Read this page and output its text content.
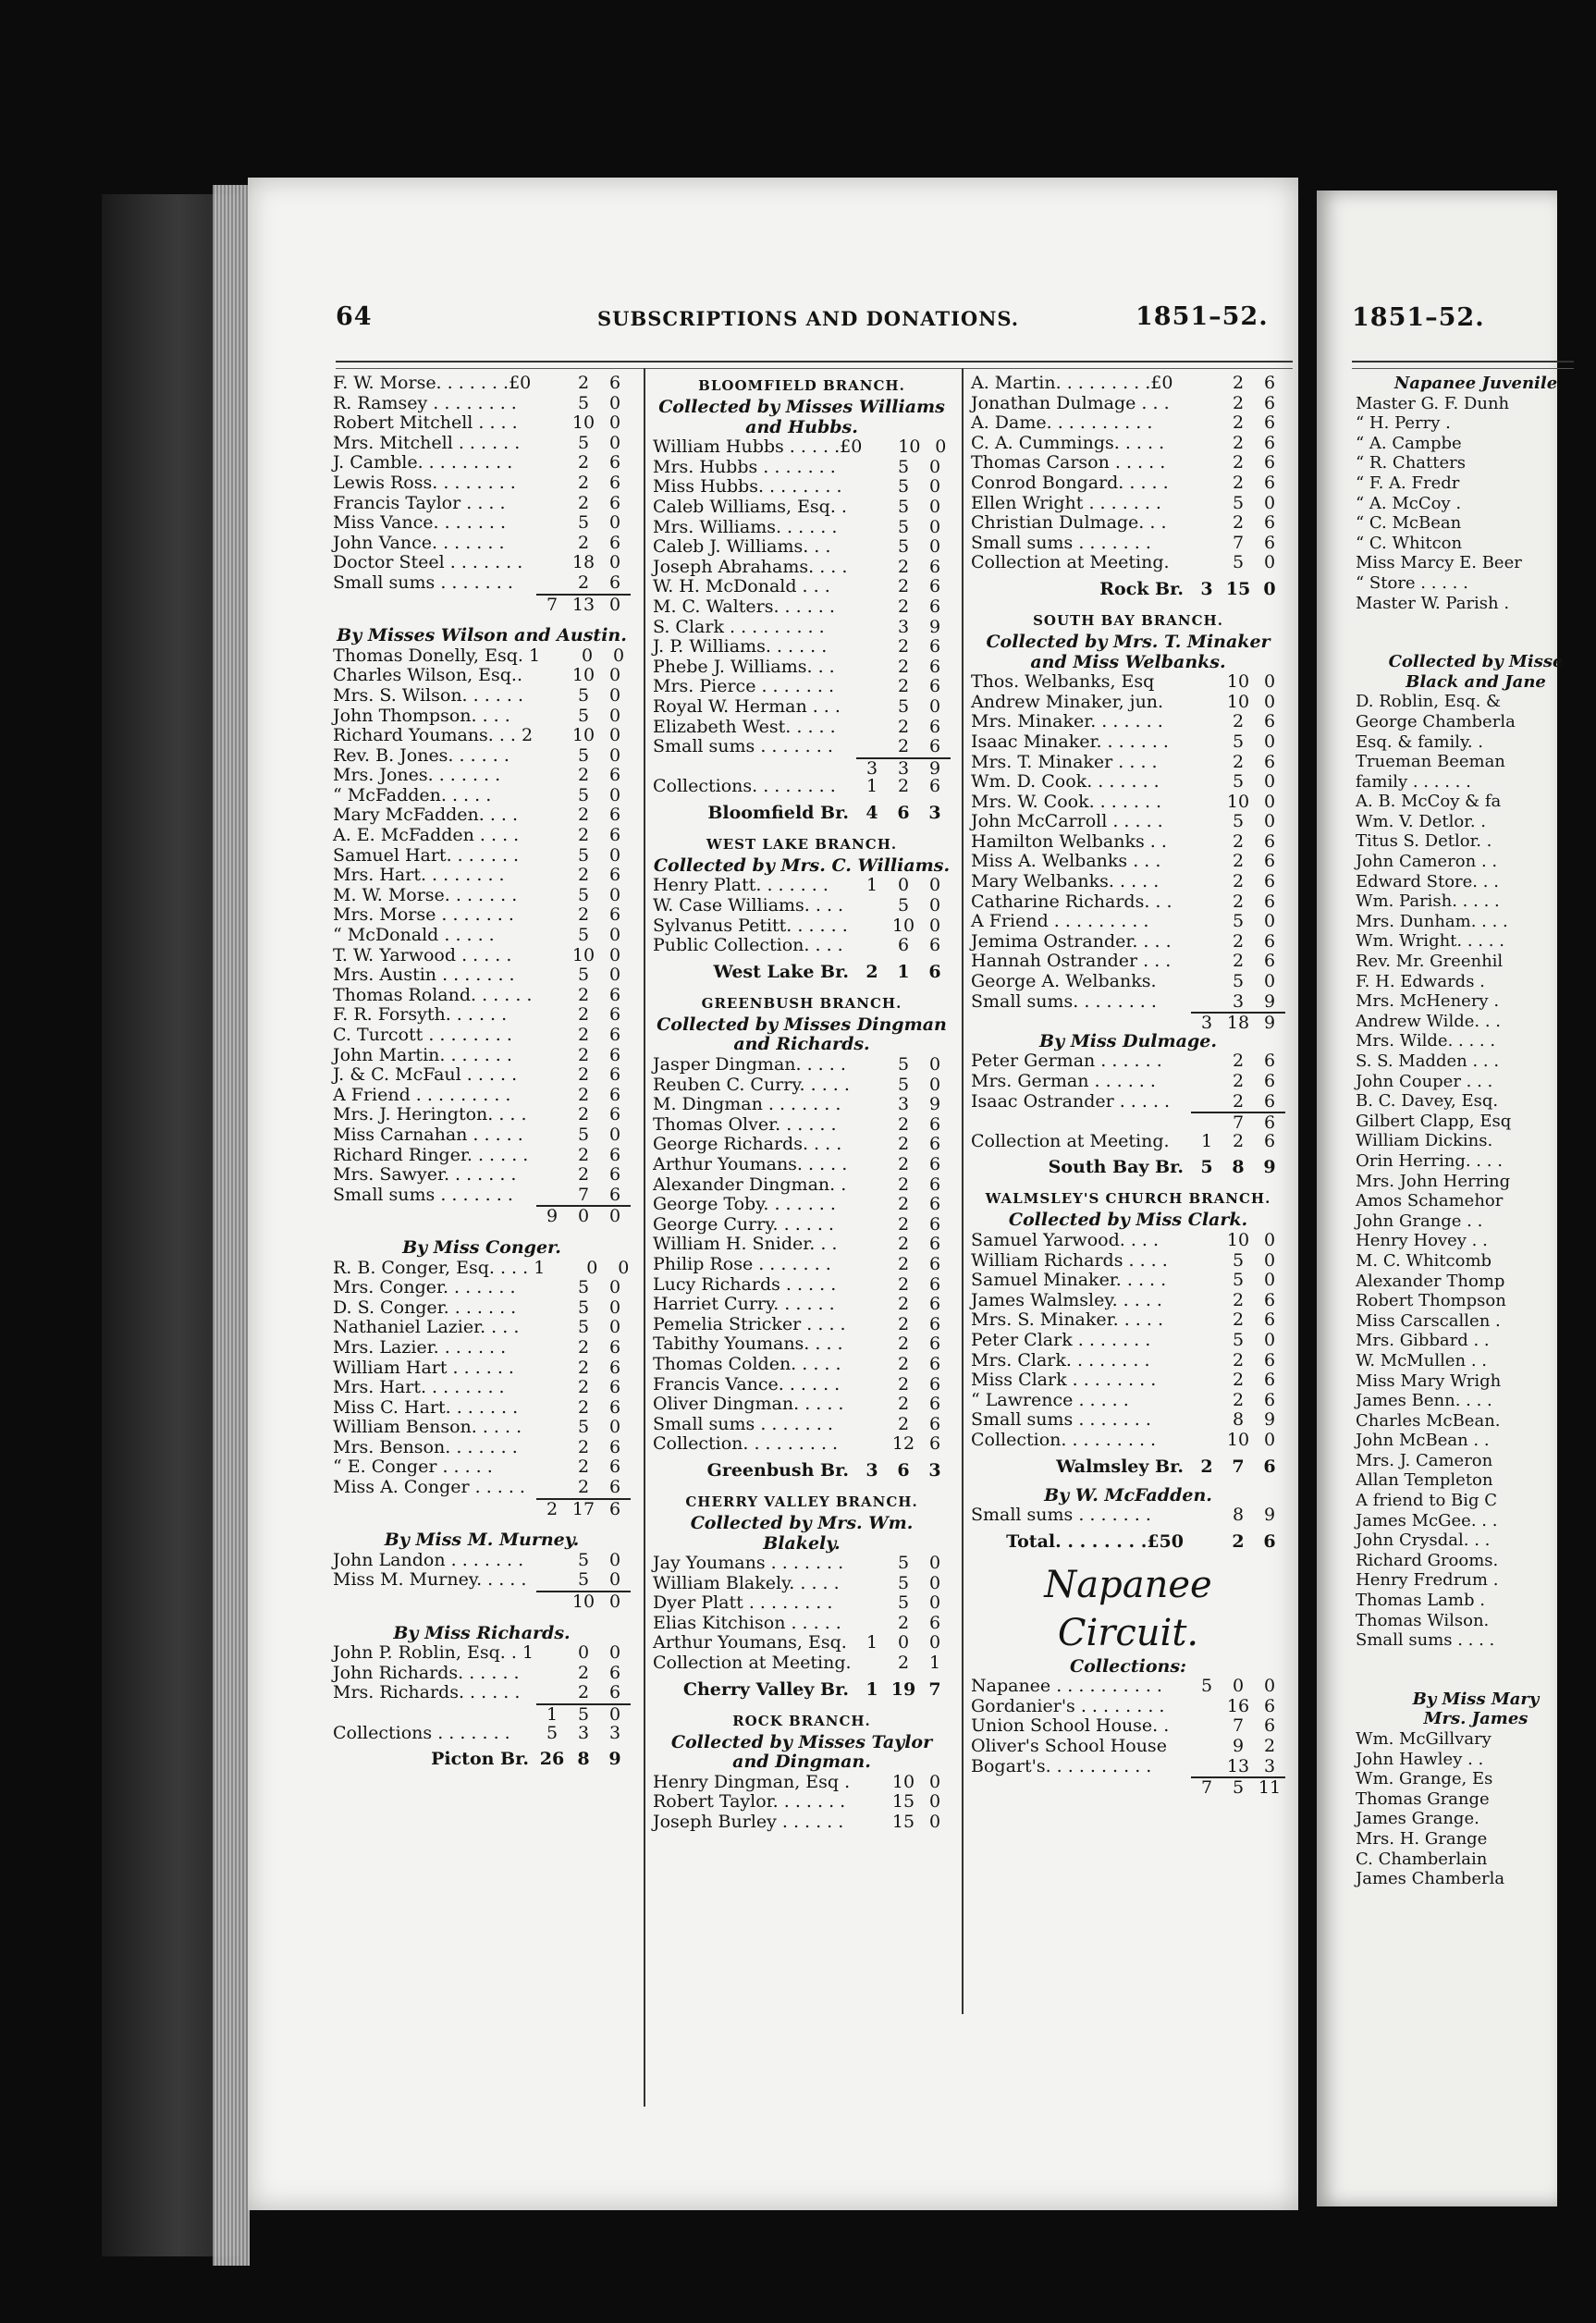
64	SUBSCRIPTIONS AND DONATIONS.	1851–52.
F. W. Morse. . . . . . .£0	2	6
R. Ramsey . . . . . . . .	5	0
Robert Mitchell . . . .	10 0
Mrs. Mitchell . . . . . .	5	0
J. Camble. . . . . . . . .	2	6
Lewis Ross. . . . . . . .	2	6
Francis Taylor . . . .	2	6
Miss Vance. . . . . . .	5	0
John Vance. . . . . . .	2	6
Doctor Steel . . . . . . .	18 0
Small sums . . . . . . .	2	6
7 13 0
By Misses Wilson and Austin.
Thomas Donelly, Esq. 1	0	0
Charles Wilson, Esq..	10 0
Mrs. S. Wilson. . . . . .	5	0
John Thompson. . . .	5	0
Richard Youmans. . . 2 10 0
Rev. B. Jones. . . . . .	5	0
Mrs. Jones. . . . . . .	2	6
“ McFadden. . . . .	5	0
Mary McFadden. . . .	2	6
A. E. McFadden . . . .	2	6
Samuel Hart. . . . . . .	5	0
Mrs. Hart. . . . . . . .	2	6
M. W. Morse. . . . . . .	5	0
Mrs. Morse . . . . . . .	2	6
“ McDonald . . . . .	5	0
T. W. Yarwood . . . . .	10 0
Mrs. Austin . . . . . . .	5	0
Thomas Roland. . . . . .	2	6
F. R. Forsyth. . . . . .	2	6
C. Turcott . . . . . . . .	2	6
John Martin. . . . . . .	2	6
J. & C. McFaul . . . . .	2	6
A Friend . . . . . . . . .	2	6
Mrs. J. Herington. . . .	2	6
Miss Carnahan . . . . .	5	0
Richard Ringer. . . . . .	2	6
Mrs. Sawyer. . . . . . .	2	6
Small sums . . . . . . .	7	6
9	0	0
By Miss Conger.
R. B. Conger, Esq. . . . 1	0	0
Mrs. Conger. . . . . . .	5	0
D. S. Conger. . . . . . .	5	0
Nathaniel Lazier. . . .	5	0
Mrs. Lazier. . . . . . .	2	6
William Hart . . . . . .	2	6
Mrs. Hart. . . . . . . .	2	6
Miss C. Hart. . . . . . .	2	6
William Benson. . . . .	5	0
Mrs. Benson. . . . . . .	2	6
“ E. Conger . . . . .	2	6
Miss A. Conger . . . . .	2	6
2 17 6
By Miss M. Murney.
John Landon . . . . . . .	5	0
Miss M. Murney. . . . .	5	0
10 0
By Miss Richards.
John P. Roblin, Esq. . 1	0	0
John Richards. . . . . .	2	6
Mrs. Richards. . . . . .	2	6
1	5	0
Collections . . . . . . .	5	3	3
Picton Br. 26 8	9
BLOOMFIELD BRANCH.
Collected by Misses Williams and Hubbs.
William Hubbs . . . . .£0 10 0
Mrs. Hubbs . . . . . . .	5	0
Miss Hubbs. . . . . . . .	5	0
Caleb Williams, Esq. .	5	0
Mrs. Williams. . . . . .	5	0
Caleb J. Williams. . .	5	0
Joseph Abrahams. . . .	2	6
W. H. McDonald . . .	2	6
M. C. Walters. . . . . .	2	6
S. Clark . . . . . . . . .	3	9
J. P. Williams. . . . . .	2	6
Phebe J. Williams. . .	2	6
Mrs. Pierce . . . . . . .	2	6
Royal W. Herman . . .	5	0
Elizabeth West. . . . .	2	6
Small sums . . . . . . .	2	6
3	3	9
Collections. . . . . . . .	1	2	6
Bloomfield Br. 4	6	3
WEST LAKE BRANCH.
Collected by Mrs. C. Williams.
Henry Platt. . . . . . .	1	0	0
W. Case Williams. . . .	5	0
Sylvanus Petitt. . . . . .	10 0
Public Collection. . . .	6	6
West Lake Br. 2	1	6
GREENBUSH BRANCH.
Collected by Misses Dingman and Richards.
Jasper Dingman. . . . .	5	0
Reuben C. Curry. . . . .	5	0
M. Dingman . . . . . . .	3	9
Thomas Olver. . . . . .	2	6
George Richards. . . .	2	6
Arthur Youmans. . . . .	2	6
Alexander Dingman. .	2	6
George Toby. . . . . . .	2	6
George Curry. . . . . .	2	6
William H. Snider. . .	2	6
Philip Rose . . . . . . .	2	6
Lucy Richards . . . . .	2	6
Harriet Curry. . . . . .	2	6
Pemelia Stricker . . . .	2	6
Tabithy Youmans. . . .	2	6
Thomas Colden. . . . .	2	6
Francis Vance. . . . . .	2	6
Oliver Dingman. . . . .	2	6
Small sums . . . . . . .	2	6
Collection. . . . . . . . .	12 6
Greenbush Br. 3	6	3
CHERRY VALLEY BRANCH.
Collected by Mrs. Wm. Blakely.
Jay Youmans . . . . . . .	5	0
William Blakely. . . . .	5	0
Dyer Platt . . . . . . . .	5	0
Elias Kitchison . . . . .	2	6
Arthur Youmans, Esq.	1	0	0
Collection at Meeting.	2	1
Cherry Valley Br. 1 19 7
ROCK BRANCH.
Collected by Misses Taylor and Dingman.
Henry Dingman, Esq .	10 0
Robert Taylor. . . . . . .	15 0
Joseph Burley . . . . . .	15 0
A. Martin. . . . . . . . .£0	2	6
Jonathan Dulmage . . .	2	6
A. Dame. . . . . . . . . .	2	6
C. A. Cummings. . . . .	2	6
Thomas Carson . . . . .	2	6
Conrod Bongard. . . . .	2	6
Ellen Wright . . . . . . .	5	0
Christian Dulmage. . .	2	6
Small sums . . . . . . .	7	6
Collection at Meeting.	5	0
Rock Br. 3 15 0
SOUTH BAY BRANCH.
Collected by Mrs. T. Minaker and Miss Welbanks.
Thos. Welbanks, Esq	10 0
Andrew Minaker, jun.	10 0
Mrs. Minaker. . . . . . .	2	6
Isaac Minaker. . . . . . .	5	0
Mrs. T. Minaker . . . .	2	6
Wm. D. Cook. . . . . . .	5	0
Mrs. W. Cook. . . . . . .	10 0
John McCarroll . . . . .	5	0
Hamilton Welbanks . .	2	6
Miss A. Welbanks . . .	2	6
Mary Welbanks. . . . .	2	6
Catharine Richards. . .	2	6
A Friend . . . . . . . . .	5	0
Jemima Ostrander. . . .	2	6
Hannah Ostrander . . .	2	6
George A. Welbanks.	5	0
Small sums. . . . . . . .	3	9
3 18 9
By Miss Dulmage.
Peter German . . . . . .	2	6
Mrs. German . . . . . .	2	6
Isaac Ostrander . . . . .	2	6
7	6
Collection at Meeting.	1	2	6
South Bay Br. 5	8	9
WALMSLEY'S CHURCH BRANCH.
Collected by Miss Clark.
Samuel Yarwood. . . .	10 0
William Richards . . . .	5	0
Samuel Minaker. . . . .	5	0
James Walmsley. . . . .	2	6
Mrs. S. Minaker. . . . .	2	6
Peter Clark . . . . . . .	5	0
Mrs. Clark. . . . . . . .	2	6
Miss Clark . . . . . . . .	2	6
“ Lawrence . . . . .	2	6
Small sums . . . . . . .	8	9
Collection. . . . . . . . .	10 0
Walmsley Br. 2	7	6
By W. McFadden.
Small sums . . . . . . .	8	9
Total. . . . . . . .£50	2	6
Napanee Circuit.
Collections:
Napanee . . . . . . . . . .	5	0	0
Gordanier's . . . . . . . .	16 6
Union School House. .	7	6
Oliver's School House	9	2
Bogart's. . . . . . . . . .	13 3
7	5 11
1851–52.
Napanee Juvenile
Master G. F. Dunh
“ H. Perry .
“ A. Campbe
“ R. Chatters
“ F. A. Fredr
“ A. McCoy .
“ C. McBean
“ C. Whitcon
Miss Marcy E. Beer
“ Store . . . . .
Master W. Parish .
Collected by Misse
Black and Jane
D. Roblin, Esq. &
George Chamberla
Esq. & family. .
Trueman Beeman
family . . . . . .
A. B. McCoy & fa
Wm. V. Detlor. .
Titus S. Detlor. .
John Cameron . .
Edward Store. . .
Wm. Parish. . . . .
Mrs. Dunham. . . .
Wm. Wright. . . . .
Rev. Mr. Greenhil
F. H. Edwards .
Mrs. McHenery .
Andrew Wilde. . .
Mrs. Wilde. . . . .
S. S. Madden . . .
John Couper . . .
B. C. Davey, Esq.
Gilbert Clapp, Esq
William Dickins.
Orin Herring. . . .
Mrs. John Herring
Amos Schamehor
John Grange . .
Henry Hovey . .
M. C. Whitcomb
Alexander Thomp
Robert Thompson
Miss Carscallen .
Mrs. Gibbard . .
W. McMullen . .
Miss Mary Wrigh
James Benn. . . .
Charles McBean.
John McBean . .
Mrs. J. Cameron
Allan Templeton
A friend to Big C
James McGee. . .
John Crysdal. . .
Richard Grooms.
Henry Fredrum .
Thomas Lamb .
Thomas Wilson.
Small sums . . . .
By Miss Mary
Mrs. James
Wm. McGillvary
John Hawley . .
Wm. Grange, Es
Thomas Grange
James Grange.
Mrs. H. Grange
C. Chamberlain
James Chamberla
